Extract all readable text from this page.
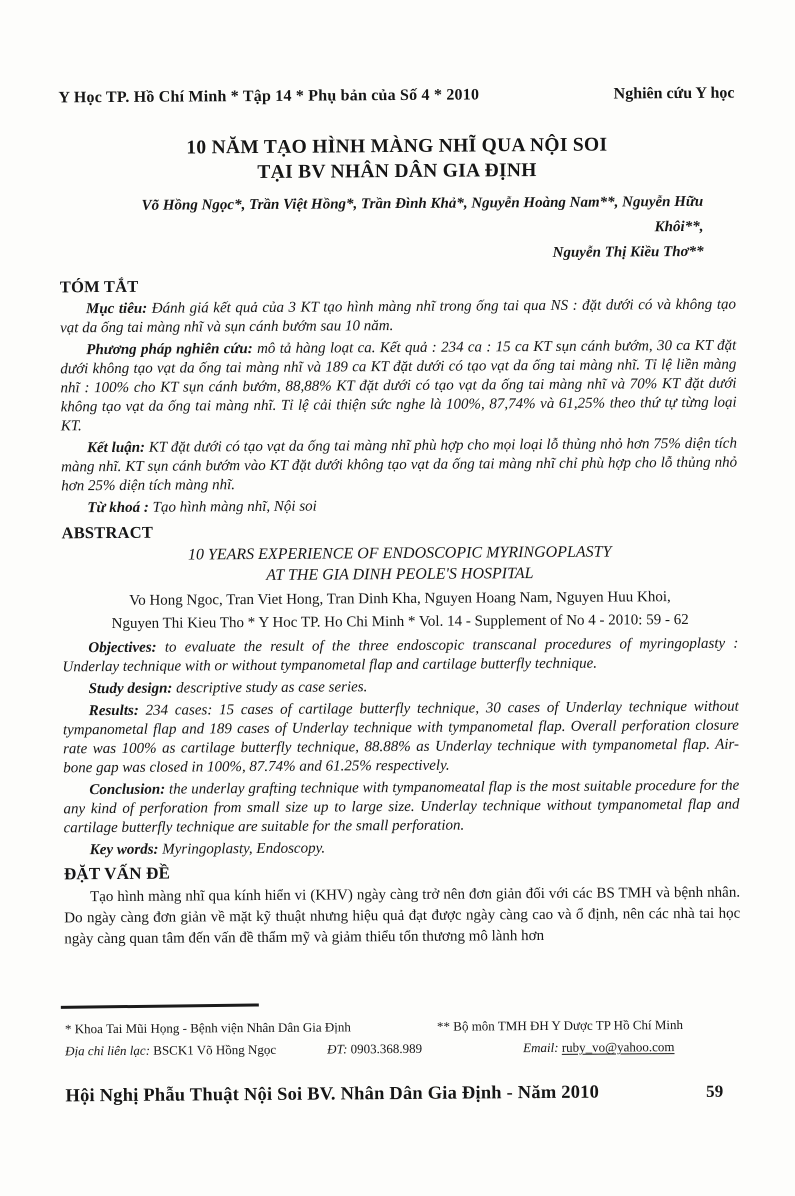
Y Học TP. Hồ Chí Minh * Tập 14 * Phụ bản của Số 4 * 2010	Nghiên cứu Y học
10 NĂM TẠO HÌNH MÀNG NHĨ QUA NỘI SOI
TẠI BV NHÂN DÂN GIA ĐỊNH
Võ Hồng Ngọc*, Trần Việt Hồng*, Trần Đình Khả*, Nguyễn Hoàng Nam**, Nguyễn Hữu
Khôi**,
Nguyễn Thị Kiều Thơ**
TÓM TẮT

Mục tiêu: Đánh giá kết quả của 3 KT tạo hình màng nhĩ trong ống tai qua NS : đặt dưới có và không tạo vạt da ống tai màng nhĩ và sụn cánh bướm sau 10 năm.

Phương pháp nghiên cứu: mô tả hàng loạt ca. Kết quả : 234 ca : 15 ca KT sụn cánh bướm, 30 ca KT đặt dưới không tạo vạt da ống tai màng nhĩ và 189 ca KT đặt dưới có tạo vạt da ống tai màng nhĩ. Tỉ lệ liền màng nhĩ : 100% cho KT sụn cánh bướm, 88,88% KT đặt dưới có tạo vạt da ống tai màng nhĩ và 70% KT đặt dưới không tạo vạt da ống tai màng nhĩ. Tỉ lệ cải thiện sức nghe là 100%, 87,74% và 61,25% theo thứ tự từng loại KT.

Kết luận: KT đặt dưới có tạo vạt da ống tai màng nhĩ phù hợp cho mọi loại lỗ thủng nhỏ hơn 75% diện tích màng nhĩ. KT sụn cánh bướm vào KT đặt dưới không tạo vạt da ống tai màng nhĩ chỉ phù hợp cho lỗ thủng nhỏ hơn 25% diện tích màng nhĩ.

Từ khoá : Tạo hình màng nhĩ, Nội soi

ABSTRACT
10 YEARS EXPERIENCE OF ENDOSCOPIC MYRINGOPLASTY
AT THE GIA DINH PEOLE'S HOSPITAL
Vo Hong Ngoc, Tran Viet Hong, Tran Dinh Kha, Nguyen Hoang Nam, Nguyen Huu Khoi,
Nguyen Thi Kieu Tho * Y Hoc TP. Ho Chi Minh * Vol. 14 - Supplement of No 4 - 2010: 59 - 62

Objectives: to evaluate the result of the three endoscopic transcanal procedures of myringoplasty : Underlay technique with or without tympanometal flap and cartilage butterfly technique.

Study design: descriptive study as case series.

Results: 234 cases: 15 cases of cartilage butterfly technique, 30 cases of Underlay technique without tympanometal flap and 189 cases of Underlay technique with tympanometal flap. Overall perforation closure rate was 100% as cartilage butterfly technique, 88.88% as Underlay technique with tympanometal flap. Air-bone gap was closed in 100%, 87.74% and 61.25% respectively.

Conclusion: the underlay grafting technique with tympanomeatal flap is the most suitable procedure for the any kind of perforation from small size up to large size. Underlay technique without tympanometal flap and cartilage butterfly technique are suitable for the small perforation.

Key words: Myringoplasty, Endoscopy.

ĐẶT VẤN ĐỀ

Tạo hình màng nhĩ qua kính hiển vi (KHV) ngày càng trở nên đơn giản đối với các BS TMH và bệnh nhân. Do ngày càng đơn giản về mặt kỹ thuật nhưng hiệu quả đạt được ngày càng cao và ổ định, nên các nhà tai học ngày càng quan tâm đến vấn đề thẩm mỹ và giảm thiểu tổn thương mô lành hơn

* Khoa Tai Mũi Họng - Bệnh viện Nhân Dân Gia Định	** Bộ môn TMH ĐH Y Dược TP Hồ Chí Minh
Địa chỉ liên lạc: BSCK1 Võ Hồng Ngọc	ĐT: 0903.368.989	Email: ruby_vo@yahoo.com
Hội Nghị Phẫu Thuật Nội Soi BV. Nhân Dân Gia Định - Năm 2010	59
